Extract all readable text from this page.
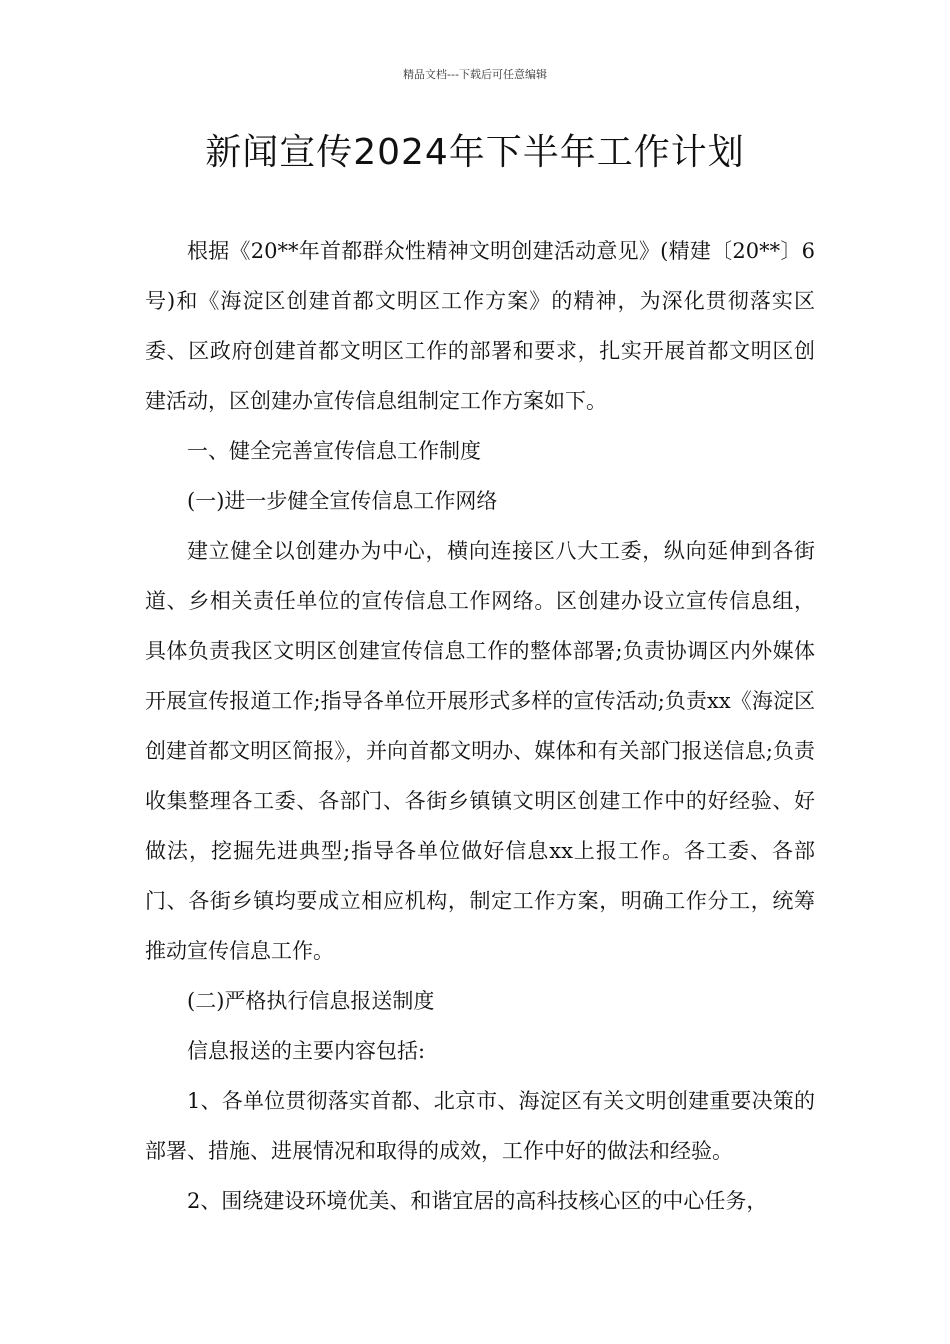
精品文档---下载后可任意编辑
新闻宣传2024年下半年工作计划

根据《20**年首都群众性精神文明创建活动意见》(精建〔20**〕6号)和《海淀区创建首都文明区工作方案》的精神，为深化贯彻落实区委、区政府创建首都文明区工作的部署和要求，扎实开展首都文明区创建活动，区创建办宣传信息组制定工作方案如下。

一、健全完善宣传信息工作制度

(一)进一步健全宣传信息工作网络

建立健全以创建办为中心，横向连接区八大工委，纵向延伸到各街道、乡相关责任单位的宣传信息工作网络。区创建办设立宣传信息组，具体负责我区文明区创建宣传信息工作的整体部署;负责协调区内外媒体开展宣传报道工作;指导各单位开展形式多样的宣传活动;负责xx《海淀区创建首都文明区简报》，并向首都文明办、媒体和有关部门报送信息;负责收集整理各工委、各部门、各街乡镇镇文明区创建工作中的好经验、好做法，挖掘先进典型;指导各单位做好信息xx上报工作。各工委、各部门、各街乡镇均要成立相应机构，制定工作方案，明确工作分工，统筹推动宣传信息工作。

(二)严格执行信息报送制度

信息报送的主要内容包括:

1、各单位贯彻落实首都、北京市、海淀区有关文明创建重要决策的部署、措施、进展情况和取得的成效，工作中好的做法和经验。

2、围绕建设环境优美、和谐宜居的高科技核心区的中心任务，
